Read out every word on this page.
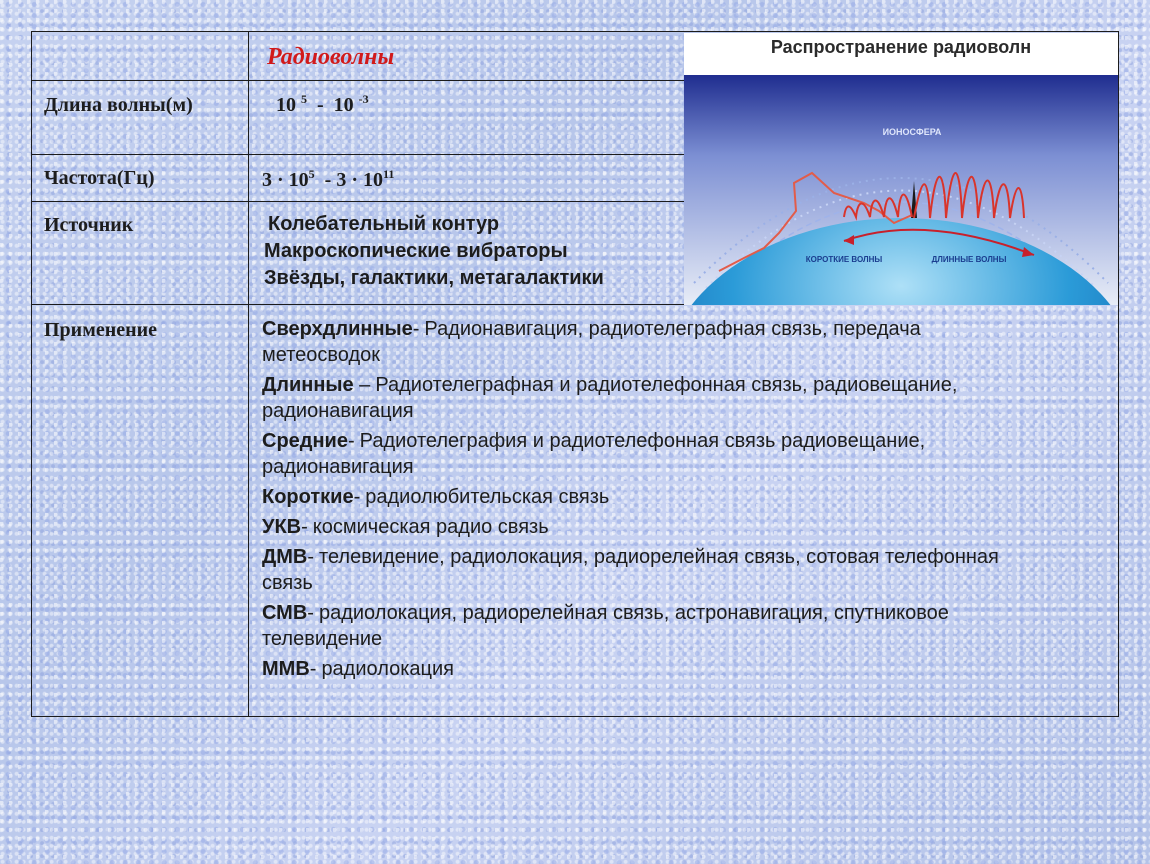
Радиоволны
Длина волны(м)	10 $^5$ - 10 $^{-3}$
Частота(Гц)	$3 \cdot 10^5 - 3 \cdot 10^{11}$
Источник	Колебательный контур
Макроскопические вибраторы
Звёзды, галактики, метагалактики
Применение	Сверхдлинные- Радионавигация, радиотелеграфная связь, передача
метеосводок
Длинные – Радиотелеграфная и радиотелефонная связь, радиовещание,
радионавигация
Средние- Радиотелеграфия и радиотелефонная связь радиовещание,
радионавигация
Короткие- радиолюбительская связь
УКВ- космическая радио связь
ДМВ- телевидение, радиолокация, радиорелейная связь, сотовая телефонная
связь
СМВ- радиолокация, радиорелейная связь, астронавигация, спутниковое
телевидение
ММВ- радиолокация
ИОНОСФЕРА
КОРОТКИЕ ВОЛНЫ	ДЛИННЫЕ ВОЛНЫ
Распространение радиоволн
